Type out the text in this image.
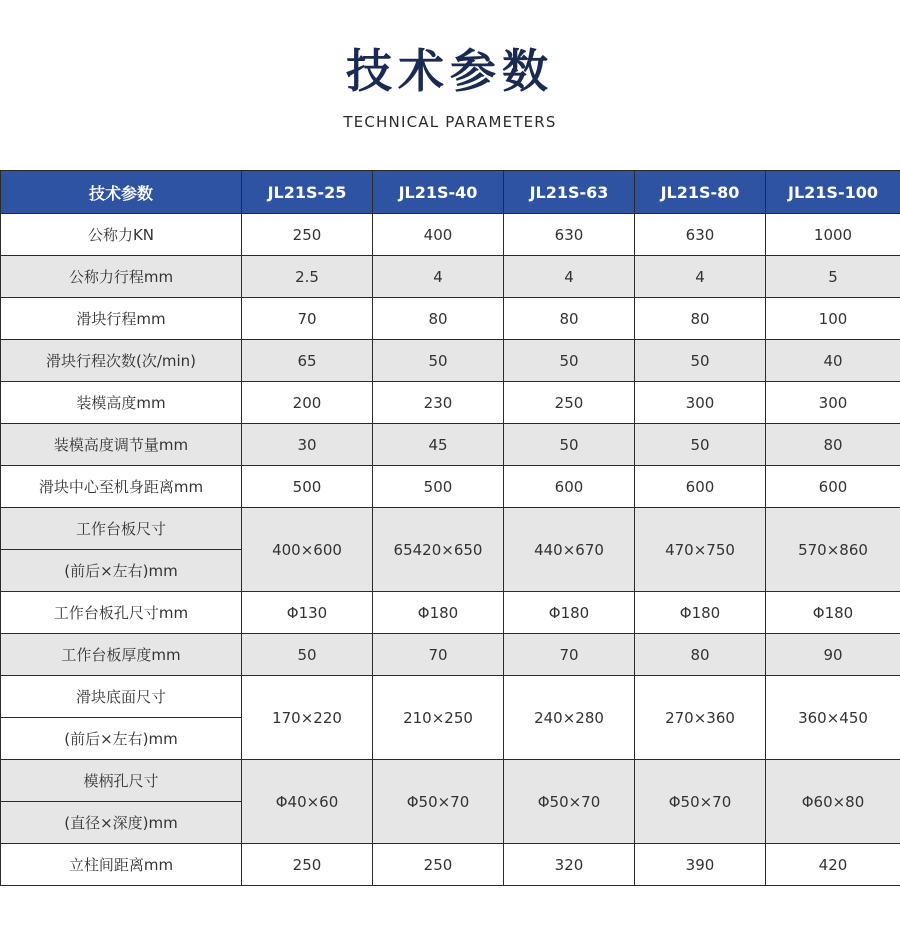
技术参数
TECHNICAL PARAMETERS
技术参数	JL21S-25	JL21S-40	JL21S-63	JL21S-80	JL21S-100
公称力KN	250	400	630	630	1000
公称力行程mm	2.5	4	4	4	5
滑块行程mm	70	80	80	80	100
滑块行程次数(次/min)	65	50	50	50	40
装模高度mm	200	230	250	300	300
装模高度调节量mm	30	45	50	50	80
滑块中心至机身距离mm	500	500	600	600	600
工作台板尺寸	400×600	65420×650	440×670	470×750	570×860
(前后×左右)mm					
工作台板孔尺寸mm	Φ130	Φ180	Φ180	Φ180	Φ180
工作台板厚度mm	50	70	70	80	90
滑块底面尺寸	170×220	210×250	240×280	270×360	360×450
(前后×左右)mm					
模柄孔尺寸	Φ40×60	Φ50×70	Φ50×70	Φ50×70	Φ60×80
(直径×深度)mm					
立柱间距离mm	250	250	320	390	420
